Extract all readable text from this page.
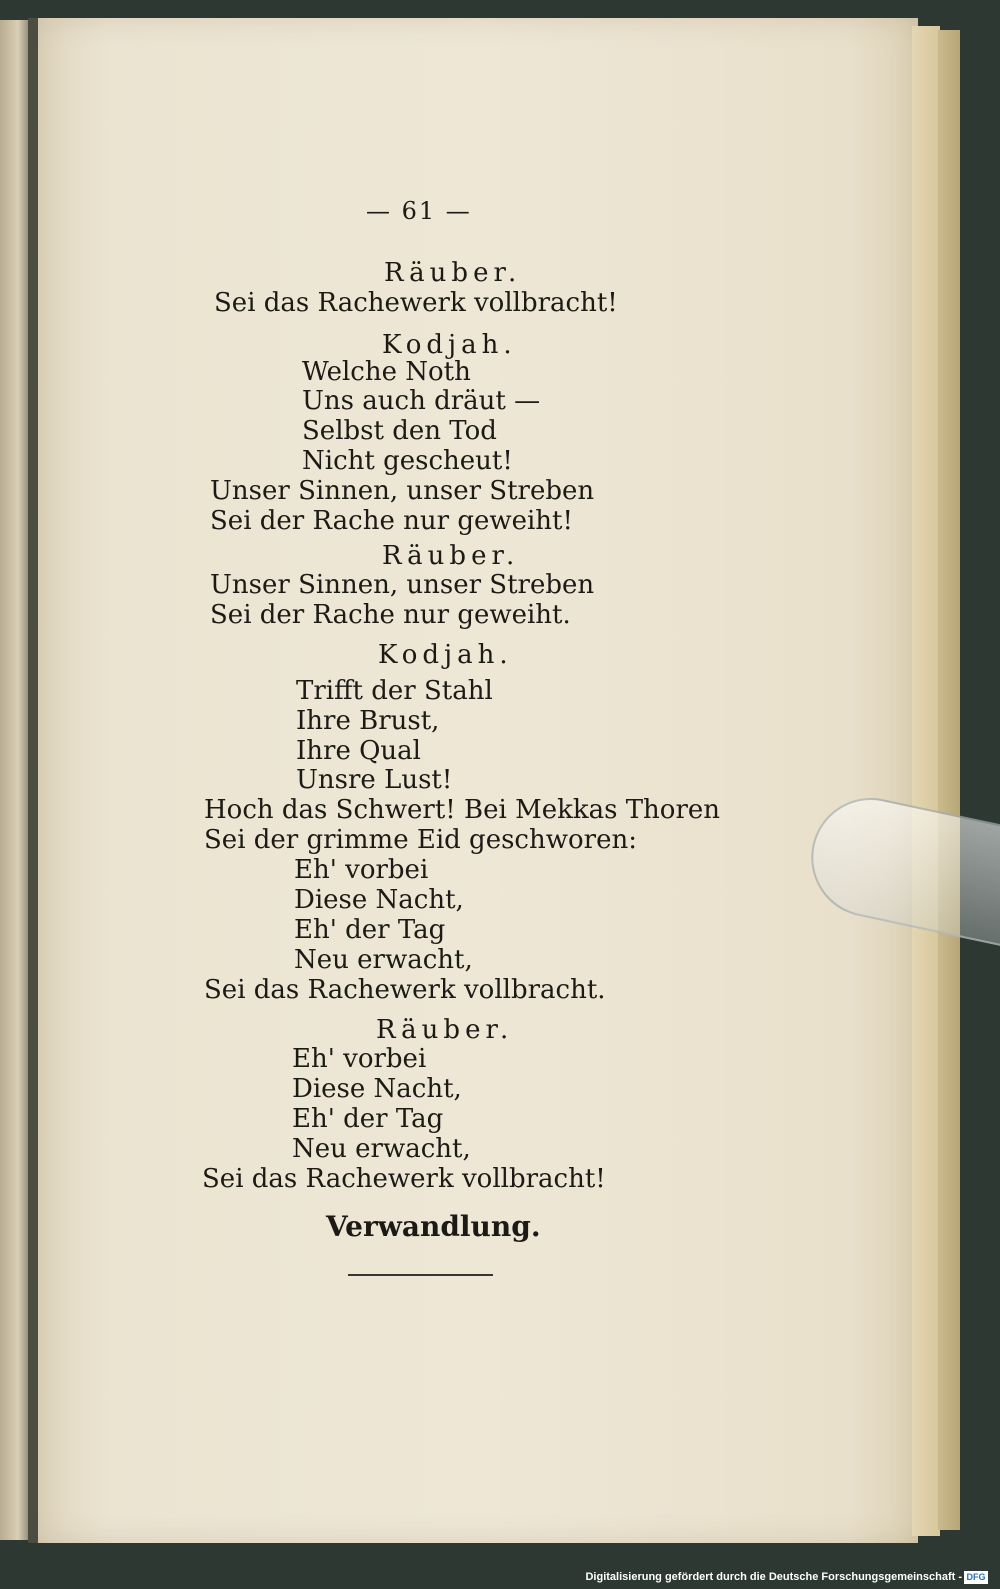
— 61 —
Räuber.
Sei das Rachewerk vollbracht!
Kodjah.
Welche Noth
Uns auch dräut —
Selbst den Tod
Nicht gescheut!
Unser Sinnen, unser Streben
Sei der Rache nur geweiht!
Räuber.
Unser Sinnen, unser Streben
Sei der Rache nur geweiht.
Kodjah.
Trifft der Stahl
Ihre Brust,
Ihre Qual
Unsre Lust!
Hoch das Schwert! Bei Mekkas Thoren
Sei der grimme Eid geschworen:
Eh' vorbei
Diese Nacht,
Eh' der Tag
Neu erwacht,
Sei das Rachewerk vollbracht.
Räuber.
Eh' vorbei
Diese Nacht,
Eh' der Tag
Neu erwacht,
Sei das Rachewerk vollbracht!
Verwandlung.
Digitalisierung gefördert durch die Deutsche Forschungsgemeinschaft - DFG
